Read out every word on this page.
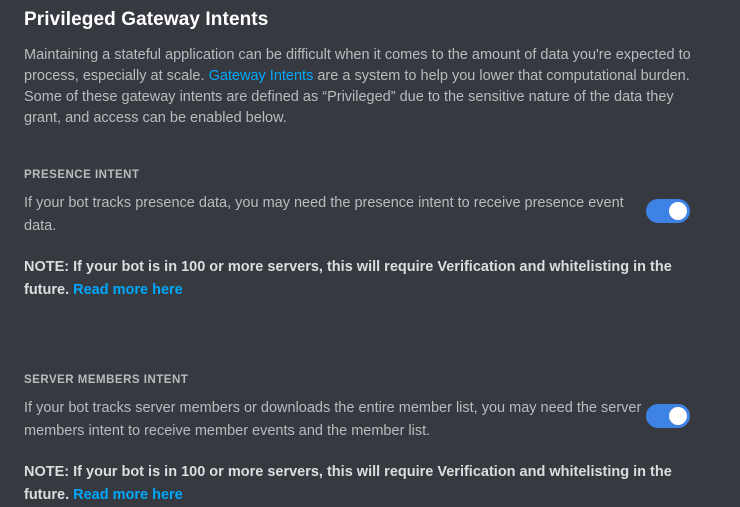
Privileged Gateway Intents

Maintaining a stateful application can be difficult when it comes to the amount of data you're expected to process, especially at scale. Gateway Intents are a system to help you lower that computational burden. Some of these gateway intents are defined as “Privileged” due to the sensitive nature of the data they grant, and access can be enabled below.

PRESENCE INTENT
If your bot tracks presence data, you may need the presence intent to receive presence event data.
NOTE: If your bot is in 100 or more servers, this will require Verification and whitelisting in the future. Read more here
SERVER MEMBERS INTENT
If your bot tracks server members or downloads the entire member list, you may need the server members intent to receive member events and the member list.
NOTE: If your bot is in 100 or more servers, this will require Verification and whitelisting in the future. Read more here
